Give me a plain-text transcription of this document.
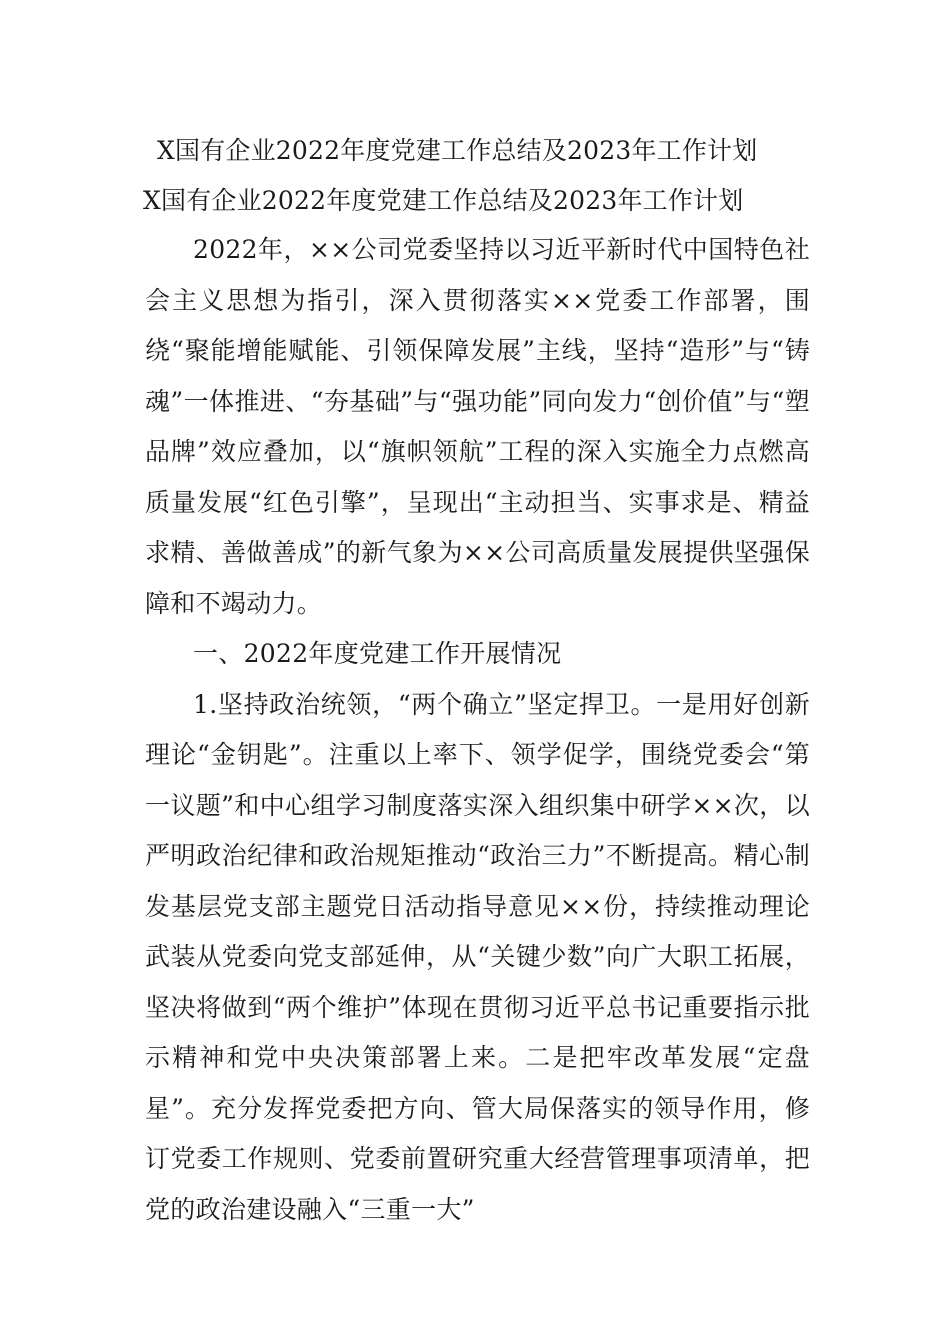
X国有企业2022年度党建工作总结及2023年工作计划
X国有企业2022年度党建工作总结及2023年工作计划

2022年，××公司党委坚持以习近平新时代中国特色社会主义思想为指引，深入贯彻落实××党委工作部署，围绕“聚能增能赋能、引领保障发展”主线，坚持“造形”与“铸魂”一体推进、“夯基础”与“强功能”同向发力“创价值”与“塑品牌”效应叠加，以“旗帜领航”工程的深入实施全力点燃高质量发展“红色引擎”，呈现出“主动担当、实事求是、精益求精、善做善成”的新气象为××公司高质量发展提供坚强保障和不竭动力。

一、2022年度党建工作开展情况

1.坚持政治统领，“两个确立”坚定捍卫。一是用好创新理论“金钥匙”。注重以上率下、领学促学，围绕党委会“第一议题”和中心组学习制度落实深入组织集中研学××次，以严明政治纪律和政治规矩推动“政治三力”不断提高。精心制发基层党支部主题党日活动指导意见××份，持续推动理论武装从党委向党支部延伸，从“关键少数”向广大职工拓展，坚决将做到“两个维护”体现在贯彻习近平总书记重要指示批示精神和党中央决策部署上来。二是把牢改革发展“定盘星”。充分发挥党委把方向、管大局保落实的领导作用，修订党委工作规则、党委前置研究重大经营管理事项清单，把党的政治建设融入“三重一大”
